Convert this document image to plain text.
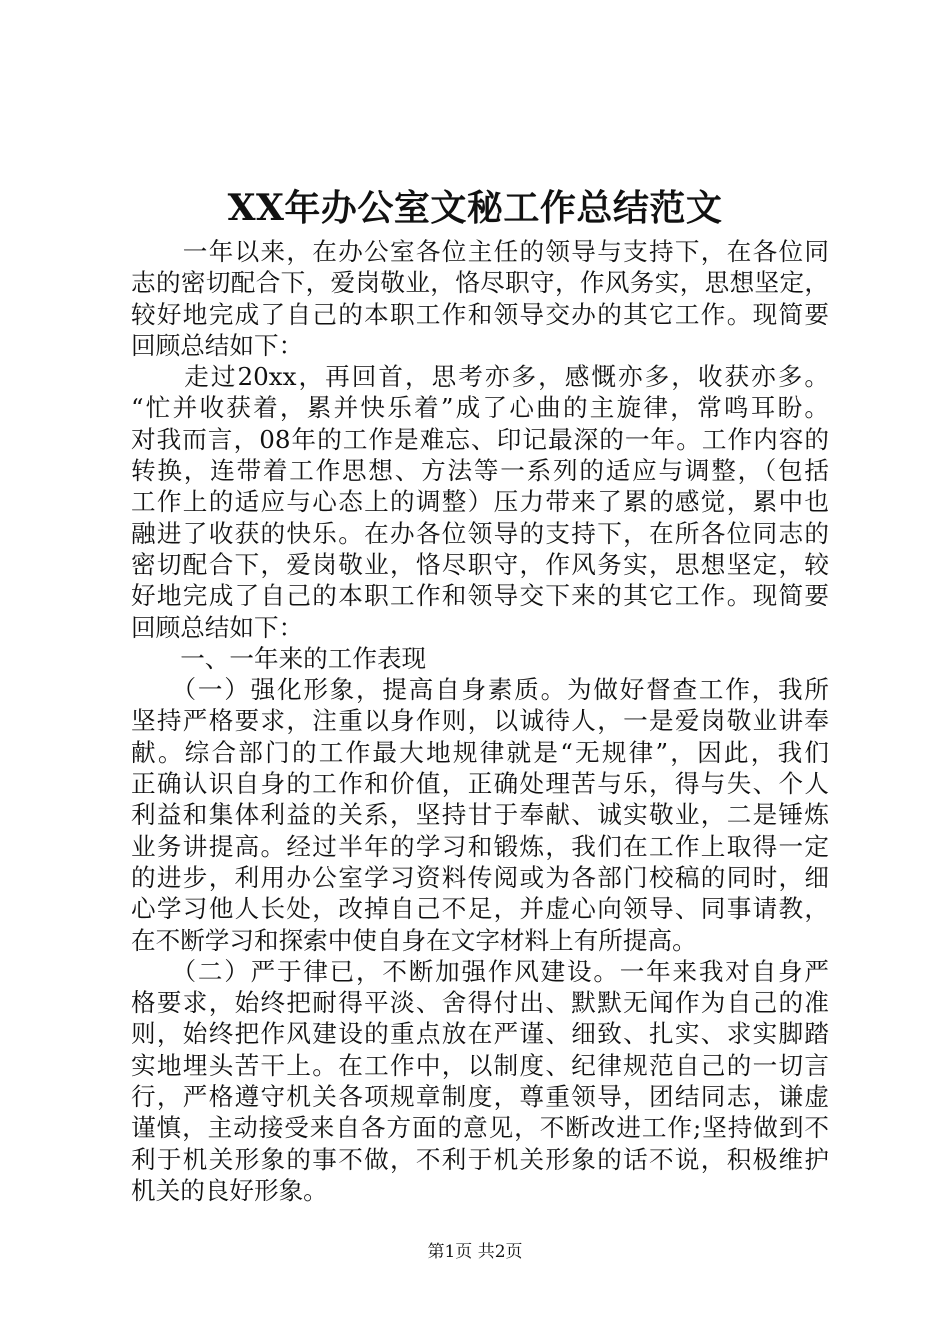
XX年办公室文秘工作总结范文
　　一年以来，在办公室各位主任的领导与支持下，在各位同
志的密切配合下，爱岗敬业，恪尽职守，作风务实，思想坚定，
较好地完成了自己的本职工作和领导交办的其它工作。现简要
回顾总结如下：
　　走过20xx，再回首，思考亦多，感慨亦多，收获亦多。
“忙并收获着，累并快乐着”成了心曲的主旋律，常鸣耳盼。
对我而言，08年的工作是难忘、印记最深的一年。工作内容的
转换，连带着工作思想、方法等一系列的适应与调整，（包括
工作上的适应与心态上的调整）压力带来了累的感觉，累中也
融进了收获的快乐。在办各位领导的支持下，在所各位同志的
密切配合下，爱岗敬业，恪尽职守，作风务实，思想坚定，较
好地完成了自己的本职工作和领导交下来的其它工作。现简要
回顾总结如下：
　　一、一年来的工作表现
　　（一）强化形象，提高自身素质。为做好督查工作，我所
坚持严格要求，注重以身作则，以诚待人，一是爱岗敬业讲奉
献。综合部门的工作最大地规律就是“无规律”，因此，我们
正确认识自身的工作和价值，正确处理苦与乐，得与失、个人
利益和集体利益的关系，坚持甘于奉献、诚实敬业，二是锤炼
业务讲提高。经过半年的学习和锻炼，我们在工作上取得一定
的进步，利用办公室学习资料传阅或为各部门校稿的同时，细
心学习他人长处，改掉自己不足，并虚心向领导、同事请教，
在不断学习和探索中使自身在文字材料上有所提高。
　　（二）严于律已，不断加强作风建设。一年来我对自身严
格要求，始终把耐得平淡、舍得付出、默默无闻作为自己的准
则，始终把作风建设的重点放在严谨、细致、扎实、求实脚踏
实地埋头苦干上。在工作中，以制度、纪律规范自己的一切言
行，严格遵守机关各项规章制度，尊重领导，团结同志，谦虚
谨慎，主动接受来自各方面的意见，不断改进工作;坚持做到不
利于机关形象的事不做，不利于机关形象的话不说，积极维护
机关的良好形象。
第1页 共2页
